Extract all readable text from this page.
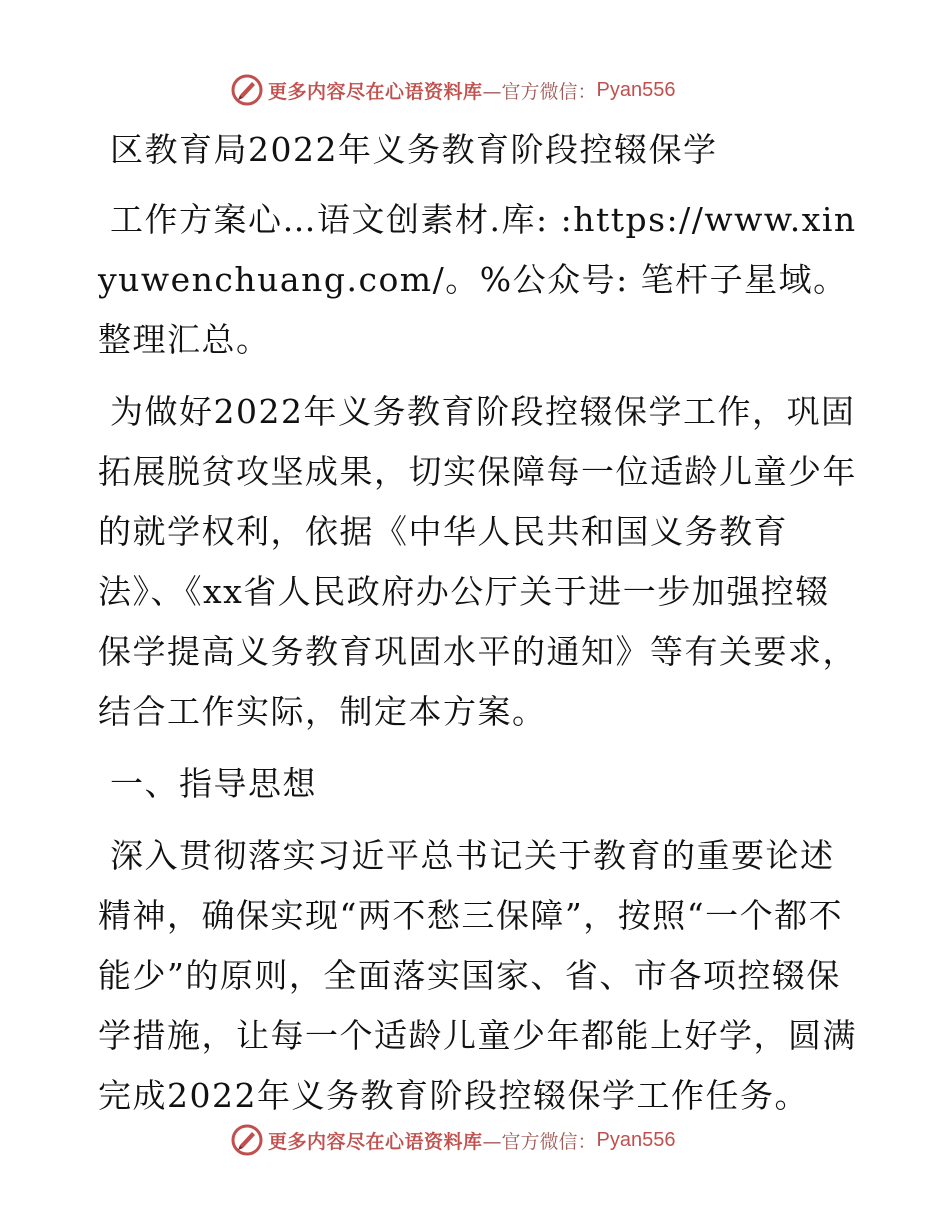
更多内容尽在心语资料库 —官方微信： Pyan556

区教育局2022年义务教育阶段控辍保学

工作方案心…语文创素材.库: :https://www.xinyuwenchuang.com/。%公众号: 笔杆子星域。整理汇总。

为做好2022年义务教育阶段控辍保学工作，巩固拓展脱贫攻坚成果，切实保障每一位适龄儿童少年的就学权利，依据《中华人民共和国义务教育法》、《xx省人民政府办公厅关于进一步加强控辍保学提高义务教育巩固水平的通知》等有关要求，结合工作实际，制定本方案。

一、指导思想

深入贯彻落实习近平总书记关于教育的重要论述精神，确保实现“两不愁三保障”，按照“一个都不能少”的原则，全面落实国家、省、市各项控辍保学措施，让每一个适龄儿童少年都能上好学，圆满完成2022年义务教育阶段控辍保学工作任务。

更多内容尽在心语资料库 —官方微信： Pyan556
